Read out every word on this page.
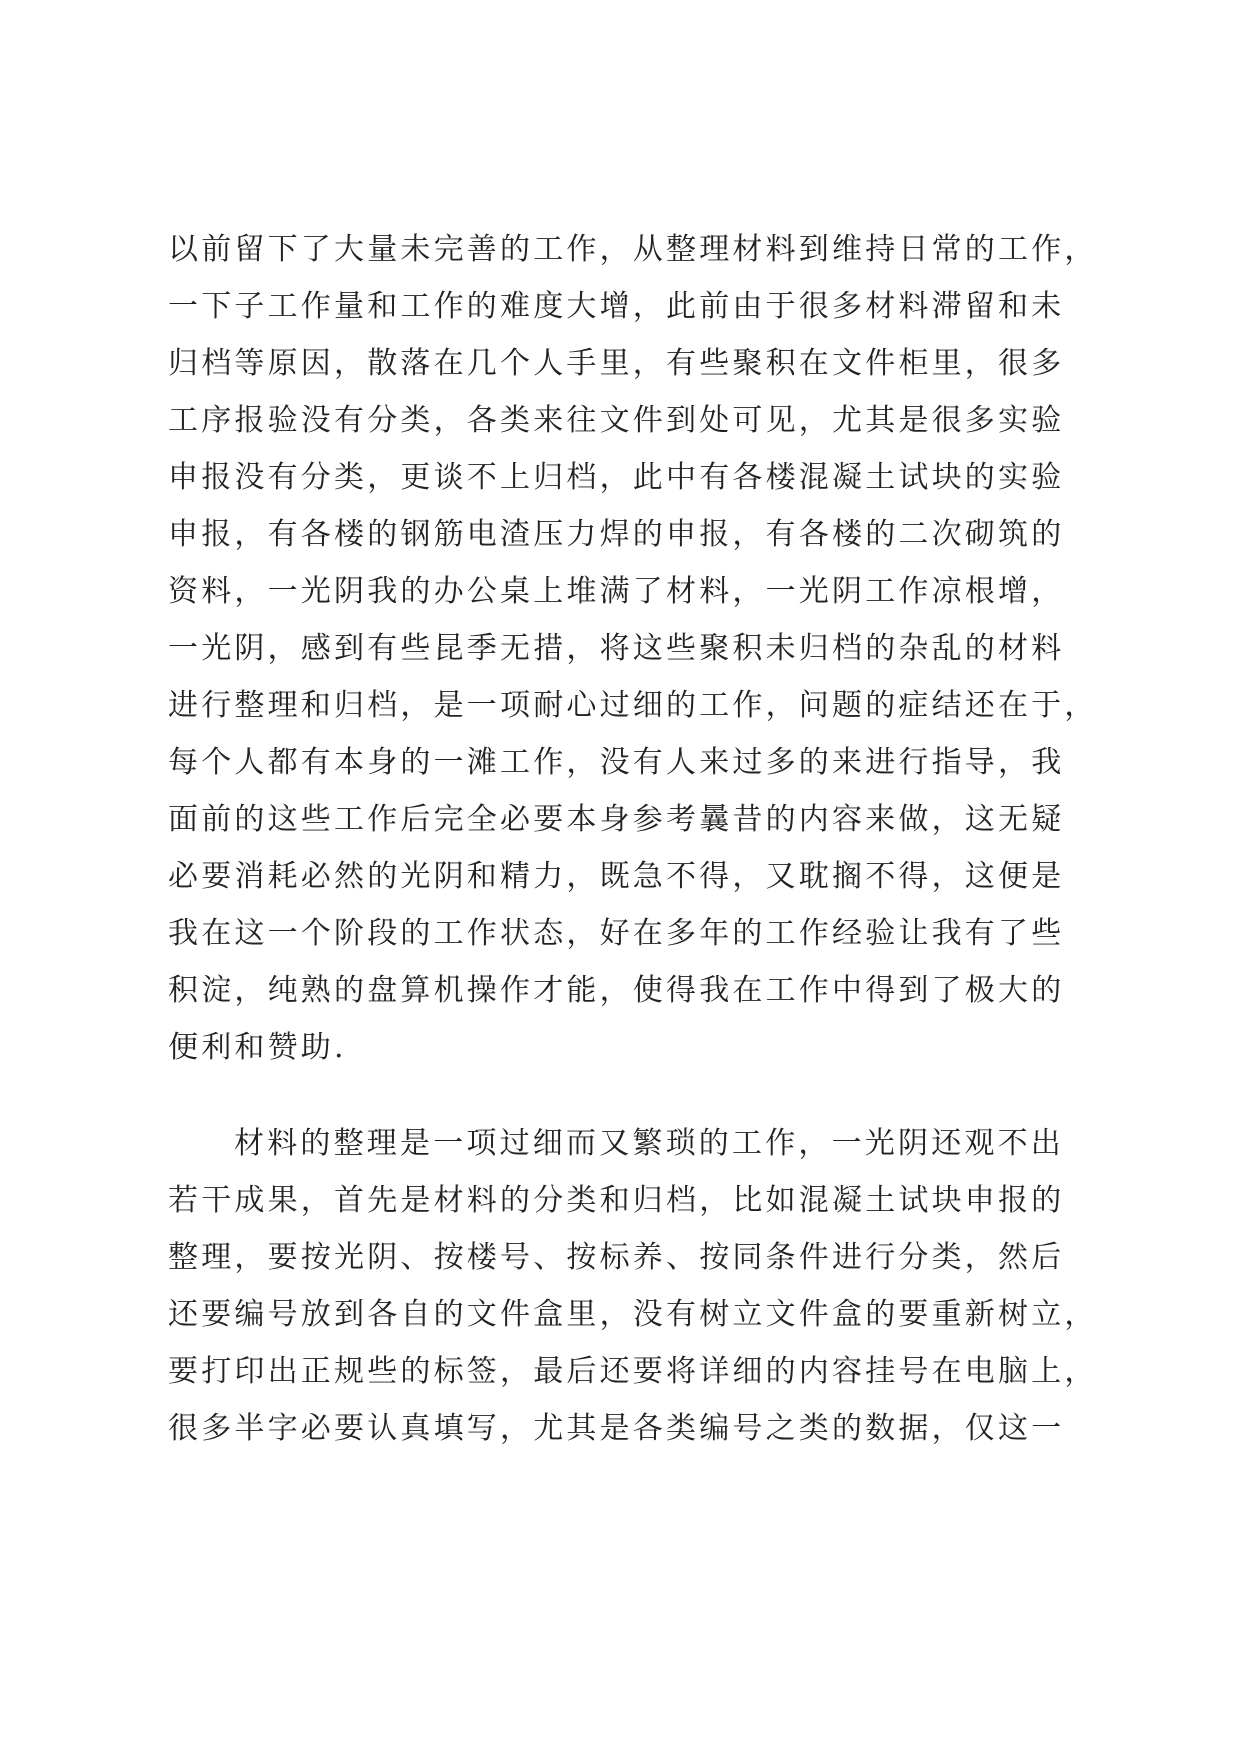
以前留下了大量未完善的工作，从整理材料到维持日常的工作，
一下子工作量和工作的难度大增，此前由于很多材料滞留和未
归档等原因，散落在几个人手里，有些聚积在文件柜里，很多
工序报验没有分类，各类来往文件到处可见，尤其是很多实验
申报没有分类，更谈不上归档，此中有各楼混凝土试块的实验
申报，有各楼的钢筋电渣压力焊的申报，有各楼的二次砌筑的
资料，一光阴我的办公桌上堆满了材料，一光阴工作凉根增，
一光阴，感到有些昆季无措，将这些聚积未归档的杂乱的材料
进行整理和归档，是一项耐心过细的工作，问题的症结还在于，
每个人都有本身的一滩工作，没有人来过多的来进行指导，我
面前的这些工作后完全必要本身参考曩昔的内容来做，这无疑
必要消耗必然的光阴和精力，既急不得，又耽搁不得，这便是
我在这一个阶段的工作状态，好在多年的工作经验让我有了些
积淀，纯熟的盘算机操作才能，使得我在工作中得到了极大的
便利和赞助.
材料的整理是一项过细而又繁琐的工作，一光阴还观不出
若干成果，首先是材料的分类和归档，比如混凝土试块申报的
整理，要按光阴、按楼号、按标养、按同条件进行分类，然后
还要编号放到各自的文件盒里，没有树立文件盒的要重新树立，
要打印出正规些的标签，最后还要将详细的内容挂号在电脑上，
很多半字必要认真填写，尤其是各类编号之类的数据，仅这一
